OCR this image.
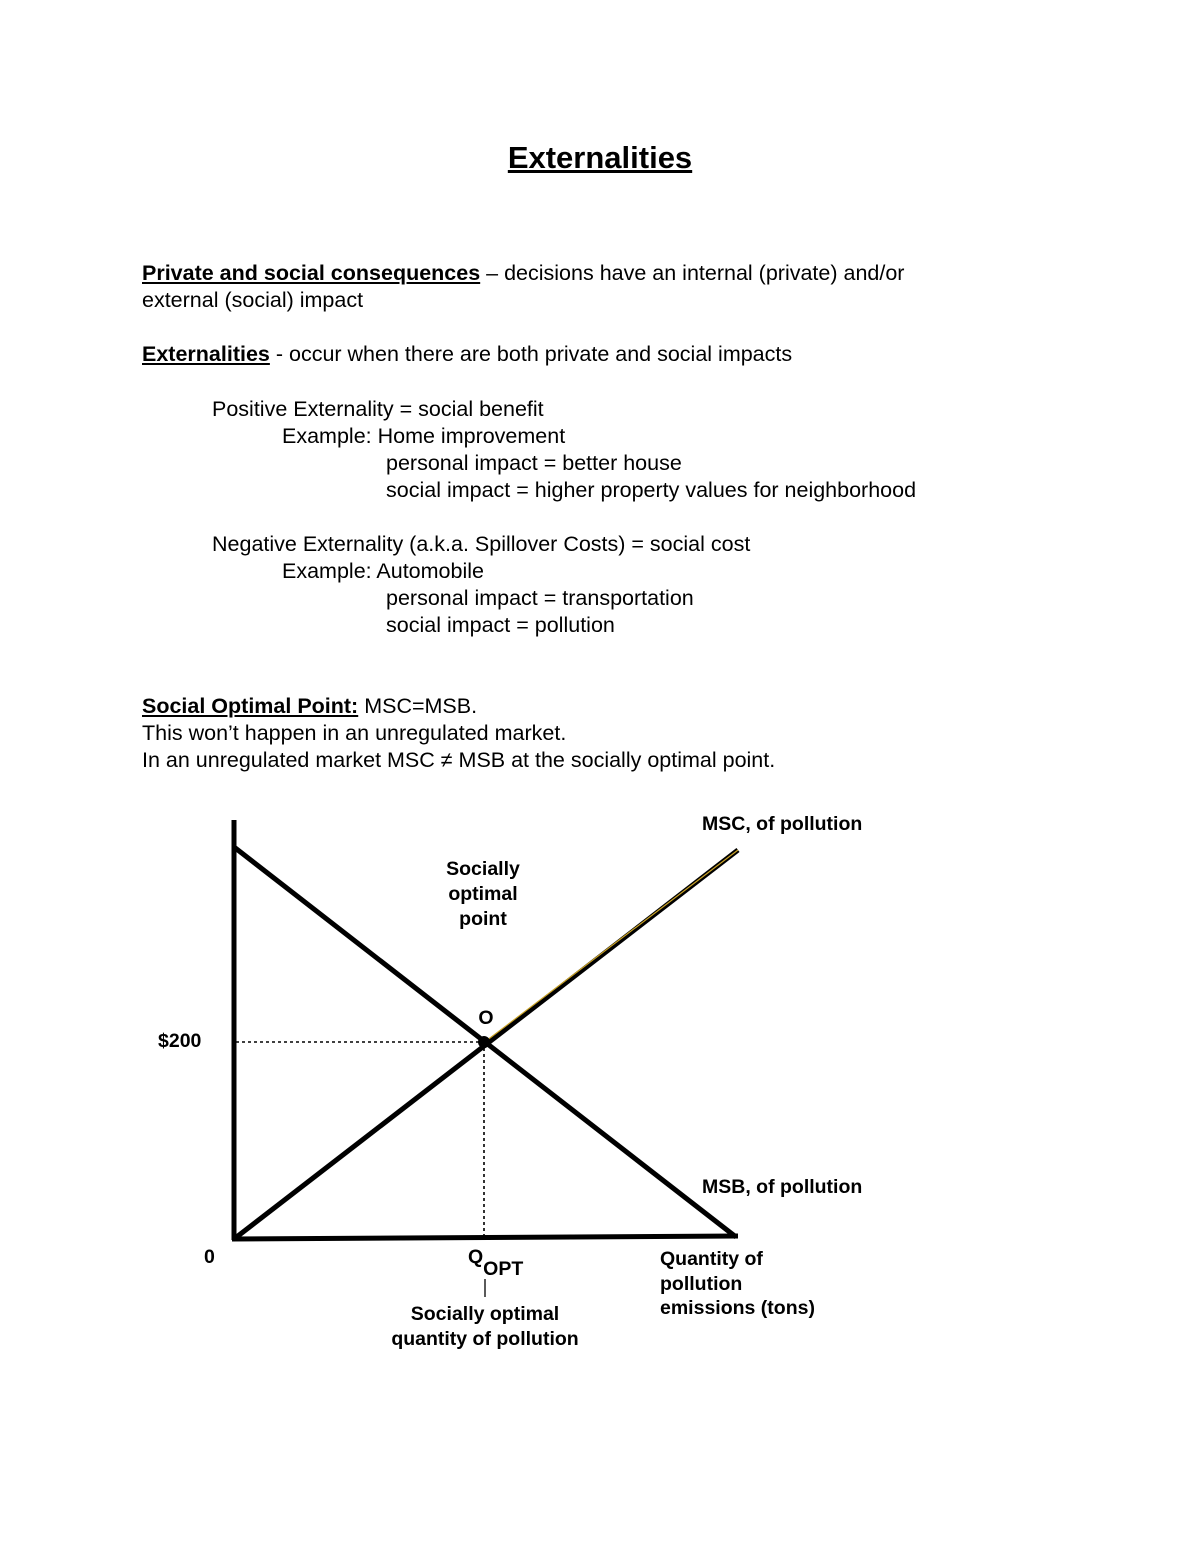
Externalities
Private and social consequences – decisions have an internal (private) and/or
external (social) impact
Externalities - occur when there are both private and social impacts
Positive Externality = social benefit
Example: Home improvement
personal impact = better house
social impact = higher property values for neighborhood
Negative Externality (a.k.a. Spillover Costs) = social cost
Example: Automobile
personal impact = transportation
social impact = pollution
Social Optimal Point: MSC=MSB.
This won’t happen in an unregulated market.
In an unregulated market MSC ≠ MSB at the socially optimal point.
MSC, of pollution
Socially
optimal
point
O
$200
MSB, of pollution
0	QOPT
Socially optimal
quantity of pollution
Quantity of
pollution
emissions (tons)
